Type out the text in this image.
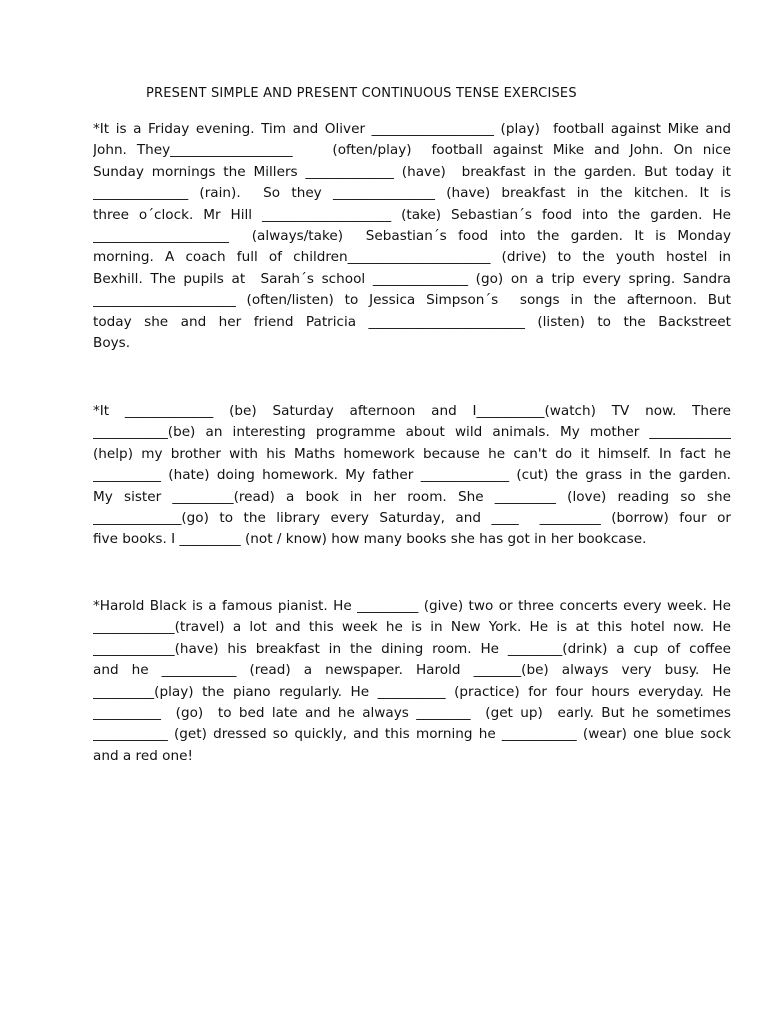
PRESENT SIMPLE AND PRESENT CONTINUOUS TENSE EXERCISES
*It is a Friday evening. Tim and Oliver __________________ (play)  football against Mike and
John. They__________________    (often/play)  football against Mike and John. On nice
Sunday mornings the Millers _____________ (have)  breakfast in the garden. But today it
______________ (rain).  So they _______________ (have) breakfast in the kitchen. It is
three o´clock. Mr Hill ___________________ (take) Sebastian´s food into the garden. He
____________________  (always/take)  Sebastian´s food into the garden. It is Monday
morning. A coach full of children_____________________ (drive) to the youth hostel in
Bexhill. The pupils at  Sarah´s school ______________ (go) on a trip every spring. Sandra
_____________________ (often/listen) to Jessica Simpson´s  songs in the afternoon. But
today she and her friend Patricia _______________________ (listen) to the Backstreet
Boys.
*It  _____________  (be)  Saturday  afternoon  and  I__________(watch)  TV  now.  There
___________(be) an interesting programme about wild animals. My mother ____________
(help) my brother with his Maths homework because he can't do it himself. In fact he
__________ (hate) doing homework. My father _____________ (cut) the grass in the garden.
My  sister  _________(read)  a  book  in  her  room.  She  _________  (love)  reading  so  she
_____________(go) to the library every Saturday, and ____  _________ (borrow) four or
five books. I _________ (not / know) how many books she has got in her bookcase.
*Harold Black is a famous pianist. He _________ (give) two or three concerts every week. He
____________(travel) a lot and this week he is in New York. He is at this hotel now. He
____________(have) his breakfast in the dining room. He ________(drink) a cup of coffee
and  he  ___________  (read)  a  newspaper.  Harold  _______(be)  always  very  busy.  He
_________(play) the piano regularly. He __________ (practice) for four hours everyday. He
__________  (go)  to bed late and he always ________  (get up)  early. But he sometimes
___________ (get) dressed so quickly, and this morning he ___________ (wear) one blue sock
and a red one!
